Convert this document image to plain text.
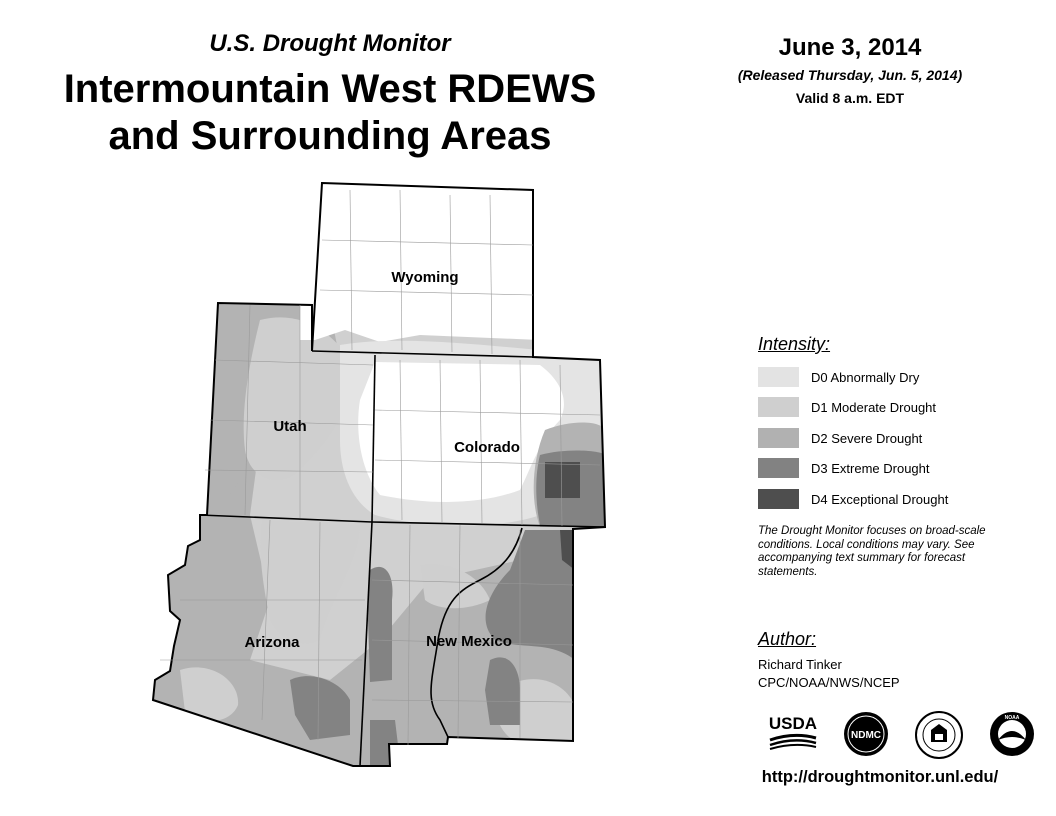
U.S. Drought Monitor
Intermountain West RDEWS
and Surrounding Areas
June 3, 2014
(Released Thursday, Jun. 5, 2014)
Valid 8 a.m. EDT
Wyoming
Utah
Colorado
Arizona	New Mexico
Intensity:
D0 Abnormally Dry
D1 Moderate Drought
D2 Severe Drought
D3 Extreme Drought
D4 Exceptional Drought
The Drought Monitor focuses on broad-scale conditions. Local conditions may vary. See accompanying text summary for forecast statements.
Author:
Richard Tinker
CPC/NOAA/NWS/NCEP
USDA
NDMC
NOAA
http://droughtmonitor.unl.edu/
